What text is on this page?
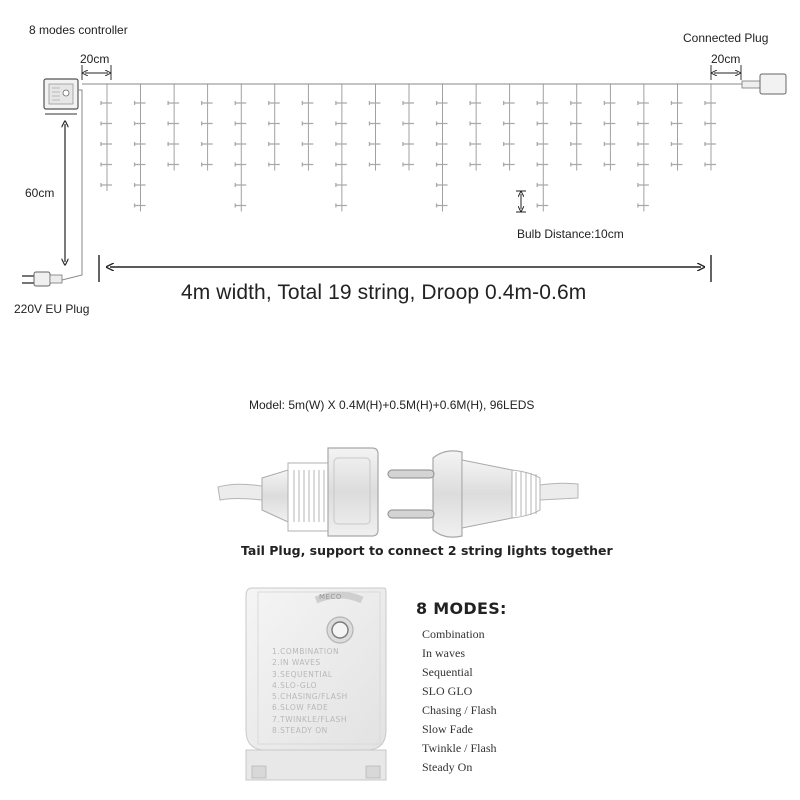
8 modes controller
Connected Plug
20cm	20cm
60cm
220V EU Plug
Bulb Distance:10cm
4m width, Total 19 string, Droop 0.4m-0.6m
Model: 5m(W) X 0.4M(H)+0.5M(H)+0.6M(H), 96LEDS
Tail Plug, support to connect 2 string lights together
MECO
1.COMBINATION
2.IN WAVES
3.SEQUENTIAL
4.SLO-GLO
5.CHASING/FLASH
6.SLOW FADE
7.TWINKLE/FLASH
8.STEADY ON
8 MODES:
Combination
In waves
Sequential
SLO GLO
Chasing / Flash
Slow Fade
Twinkle / Flash
Steady On
